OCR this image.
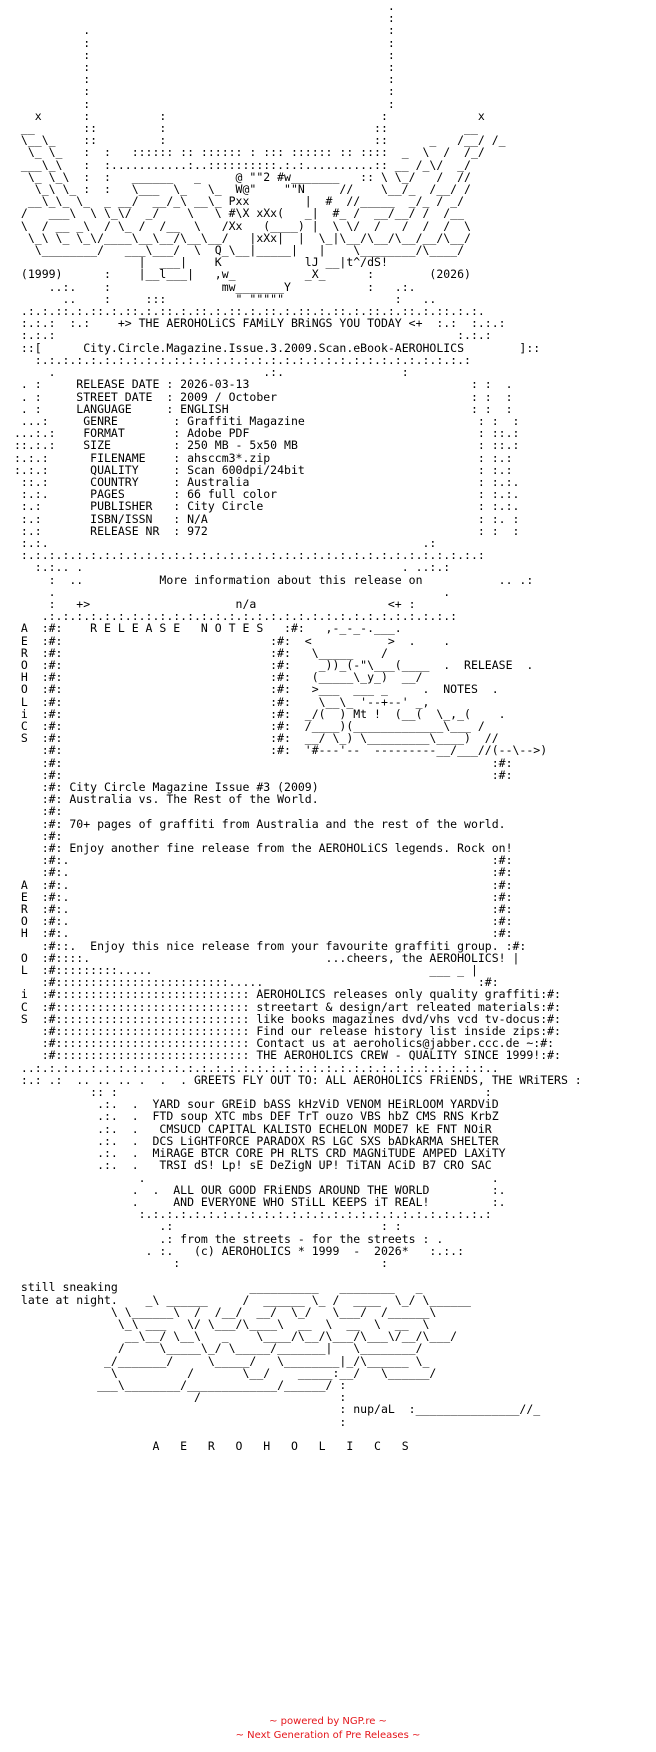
.
:
.                                           :
:                                           :
:                                           :
:                                           :
:                                           :
:                                           :
:                                           :
x      :          :                               :             x
__       ::         :                              ::           __
\__\_    ::         :                              ::      _   /__/ /_
\_ \_   :  :   :::::: :: :::::: : ::: :::::: :: ::::  _  \  /  /_/
___\_\   :  :...........:..::::::::::.:.:..........:: __ /_\/  _/
\_ \_\  :  :   ______   _     @ ""2 #w_______   :: \ \_/   /  //
\_\ \_ :  :   \___  \_   \_  W@"    ""N     //    \__/_  /__/ /
__\_\_ \_  _ __/  __/_\ __\_ Pxx        |  #  //_____  _/_ / _/
/   ___\  \ \_\/  _/    \   \ #\X xXx(   _|  #_ /  __/__/ /  /__
\  / __ _\  / \_ /  /__  \   /Xx   (____) |  \ \/  /   /  /  /  \
\_\ \_ \_\/____\__\__/\__\__/   |xXx|  |  \_|\__/\__/\__/__/\__/
\________/   ___\___/  \  Q_\__|_____|   |    \________/\____/
|  ___|    K            lJ __|t^/dS!
(1999)      :    |__l___|   ,w_          _X_      :        (2026)
..:.    :                mw_______Y           :   .:.
..    :     :::          " """""                :   ..
.:.:.::.:.::.:.::.:.::.:.::.:.::.:.::.:.::.:.::.:.::.:.::.:.::.:.:.
:.:.:  :.:    +> THE AEROHOLiCS FAMiLY BRiNGS YOU TODAY <+  :.:  :.:.:
:.:.:                                                          :.:.:
::[      City.Circle.Magazine.Issue.3.2009.Scan.eBook-AEROHOLICS        ]::
:.:.:.:.:.:.:.:.:.:.:.:.:.:.:.:.:.:.:.:.:.:.:.:.:.:.:.:.:.:.:.:
.                              .:.                 :
. :     RELEASE DATE : 2026-03-13                                : :  .
. :     STREET DATE  : 2009 / October                            : :  :
. :     LANGUAGE     : ENGLISH                                   : :  :
...:     GENRE        : Graffiti Magazine                         : :  :
...:.:    FORMAT       : Adobe PDF                                 : ::.:
::.:.:    SIZE         : 250 MB - 5x50 MB                          : ::.:
:.:.:      FILENAME    : ahsccm3*.zip                              : :.:
:.:.:      QUALITY     : Scan 600dpi/24bit                         : :.:
::.:      COUNTRY     : Australia                                 : :.:.
:.:.      PAGES       : 66 full color                             : :.:.
:.:       PUBLISHER   : City Circle                               : :.:.
:.:       ISBN/ISSN   : N/A                                       : :. :
:.:       RELEASE NR  : 972                                       : :  :
:.:.                                                      .:
:.:.:.:.:.:.:.:.:.:.:.:.:.:.:.:.:.:.:.:.:.:.:.:.:.:.:.:.:.:.:.:.:.:
:.:.. .                                              . ..:.:
:  ..           More information about this release on           .. .:
.                                                        .
:   +>                     n/a                   <+ :
.:.:.:.:.:.:.:.:.:.:.:.:.:.:.:.:.:.:.:.:.:.:.:.:.:.:.:.:.:.:
A  :#:    R E L E A S E   N O T E S   :#:   ,-_-_-.___.
E  :#:                              :#:  <           >  .    .
R  :#:                              :#:   \_____    /
O  :#:                              :#:    _))_(-"\___(____  .  RELEASE  .
H  :#:                              :#:   (_____\_y_)  __/
O  :#:                              :#:   >___  ___ _     .  NOTES  .
L  :#:                              :#:    \__\_ '--+--' _,
i  :#:                              :#:  _/(  ) Mt !  (__(  \_,_(    .
C  :#:                              :#:  /____)(_____________\___ /
S  :#:                              :#:  __/ \_) \_________\____)  //
:#:                              :#:  '#---'--  ---------__/___//(--\-->)
:#:                                                              :#:
:#:                                                              :#:
:#: City Circle Magazine Issue #3 (2009)
:#: Australia vs. The Rest of the World.
:#:
:#: 70+ pages of graffiti from Australia and the rest of the world.
:#:
:#: Enjoy another fine release from the AEROHOLiCS legends. Rock on!
:#:.                                                             :#:
:#:.                                                             :#:
A  :#:.                                                             :#:
E  :#:.                                                             :#:
R  :#:.                                                             :#:
O  :#:.                                                             :#:
H  :#:.                                                             :#:
:#::.  Enjoy this nice release from your favourite graffiti group. :#:
O  :#::::.                                  ...cheers, the AEROHOLICS! |
L  :#:::::::::.....                                        ___ _ |
:#:::::::::::::::::::::::::.....                               :#:
i  :#:::::::::::::::::::::::::::: AEROHOLICS releases only quality graffiti:#:
C  :#:::::::::::::::::::::::::::: streetart & design/art releated materials:#:
S  :#:::::::::::::::::::::::::::: like books magazines dvd/vhs vcd tv-docus:#:
:#:::::::::::::::::::::::::::: Find our release history list inside zips:#:
:#:::::::::::::::::::::::::::: Contact us at aeroholics@jabber.ccc.de ~:#:
:#:::::::::::::::::::::::::::: THE AEROHOLICS CREW - QUALITY SINCE 1999!:#:
..:.:.:.:.:.:.:.:.:.:.:.:.:.:.:.:.:.:.:.:.:.:.:.:.:.:.:.:.:.:.:.:.:..
:.: .:  .. .. .. .  .  . GREETS FLY OUT TO: ALL AEROHOLICS FRiENDS, THE WRiTERS :
:: :                                                     :
.:.  .  YARD sour GREiD bASS kHzViD VENOM HEiRLOOM YARDViD
.:.  .  FTD soup XTC mbs DEF TrT ouzo VBS hbZ CMS RNS KrbZ
.:.  .   CMSUCD CAPITAL KALISTO ECHELON MODE7 kE FNT NOiR
.:.  .  DCS LiGHTFORCE PARADOX RS LGC SXS bADkARMA SHELTER
.:.  .  MiRAGE BTCR CORE PH RLTS CRD MAGNiTUDE AMPED LAXiTY
.:.  .   TRSI dS! Lp! sE DeZigN UP! TiTAN ACiD B7 CRO SAC
.                                                  .
.  .  ALL OUR GOOD FRiENDS AROUND THE WORLD         :.
.     AND EVERYONE WHO STiLL KEEPS iT REAL!         :.
:.:.:.:.:.:.:.:.:.:.:.:.:.:.:.:.:.:.:.:.:.:.:.:.:.:
.:                              : :
.: from the streets - for the streets : .
. :.   (c) AEROHOLICS * 1999  -  2026*   :.:.:
:                             :

still sneaking                   __________   ________   _
late at night.    _\ ______     /  ______ \_ /  ____  \_/ \______
\ \______\  /  /__/  __/  \_/   \___/  /______\
\_\ ___   \/ \___/\____\  __  \  __  \  __  \
__\__/ \__\   _    \____/\__/\___/\___\/__/\___/
/     \_____\_/ \_____/_______|   \________/
_/_______/     \_____/   \________|_/\______ \_
\          /       \__/    _____:__/   \______/
___\________/_____________/______/ :
/                    :
: nup/aL  :_______________//_
:

A   E   R   O   H   O   L   I   C   S

~ powered by NGP.re ~
~ Next Generation of Pre Releases ~
